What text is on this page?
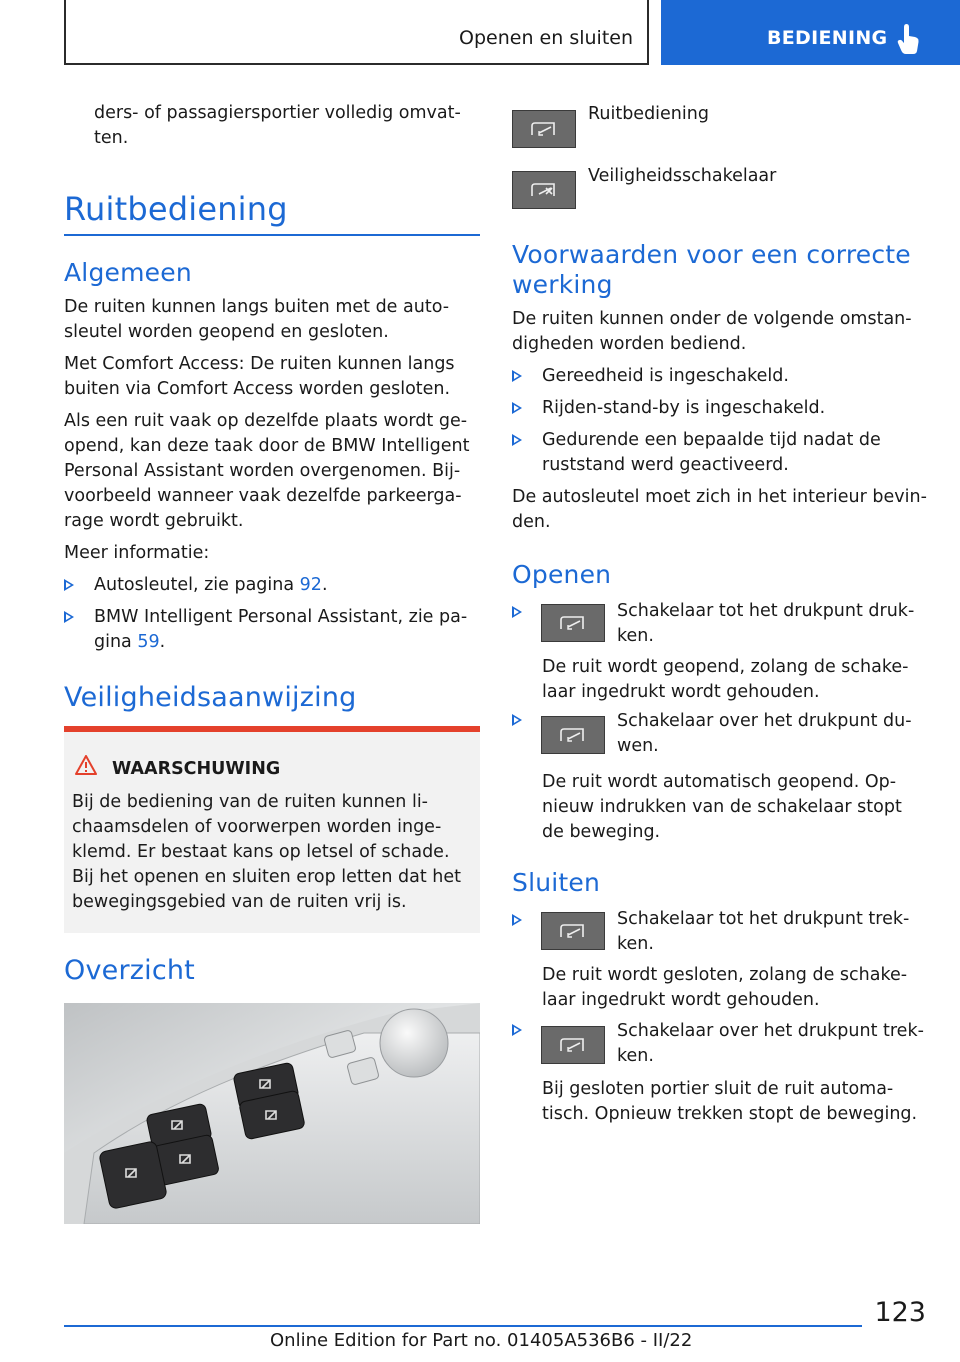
Openen en sluiten	BEDIENING

ders- of passagiersportier volledig omvat-

ten.

Ruitbediening
Algemeen

De ruiten kunnen langs buiten met de auto-

sleutel worden geopend en gesloten.

Met Comfort Access: De ruiten kunnen langs

buiten via Comfort Access worden gesloten.

Als een ruit vaak op dezelfde plaats wordt ge-

opend, kan deze taak door de BMW Intelligent

Personal Assistant worden overgenomen. Bij-

voorbeeld wanneer vaak dezelfde parkeerga-

rage wordt gebruikt.

Meer informatie:

Autosleutel, zie pagina 92.
BMW Intelligent Personal Assistant, zie pa-
gina 59.
Veiligheidsaanwijzing
WAARSCHUWING

Bij de bediening van de ruiten kunnen li-

chaamsdelen of voorwerpen worden inge-

klemd. Er bestaat kans op letsel of schade.

Bij het openen en sluiten erop letten dat het

bewegingsgebied van de ruiten vrij is.

Overzicht

Ruitbediening

Veiligheidsschakelaar

Voorwaarden voor een correcte
werking

De ruiten kunnen onder de volgende omstan-

digheden worden bediend.

Gereedheid is ingeschakeld.
Rijden-stand-by is ingeschakeld.
Gedurende een bepaalde tijd nadat de
ruststand werd geactiveerd.

De autosleutel moet zich in het interieur bevin-

den.

Openen

Schakelaar tot het drukpunt druk-

ken.

De ruit wordt geopend, zolang de schake-

laar ingedrukt wordt gehouden.

Schakelaar over het drukpunt du-

wen.

De ruit wordt automatisch geopend. Op-

nieuw indrukken van de schakelaar stopt

de beweging.

Sluiten

Schakelaar tot het drukpunt trek-

ken.

De ruit wordt gesloten, zolang de schake-

laar ingedrukt wordt gehouden.

Schakelaar over het drukpunt trek-

ken.

Bij gesloten portier sluit de ruit automa-

tisch. Opnieuw trekken stopt de beweging.

123
Online Edition for Part no. 01405A536B6 - II/22
